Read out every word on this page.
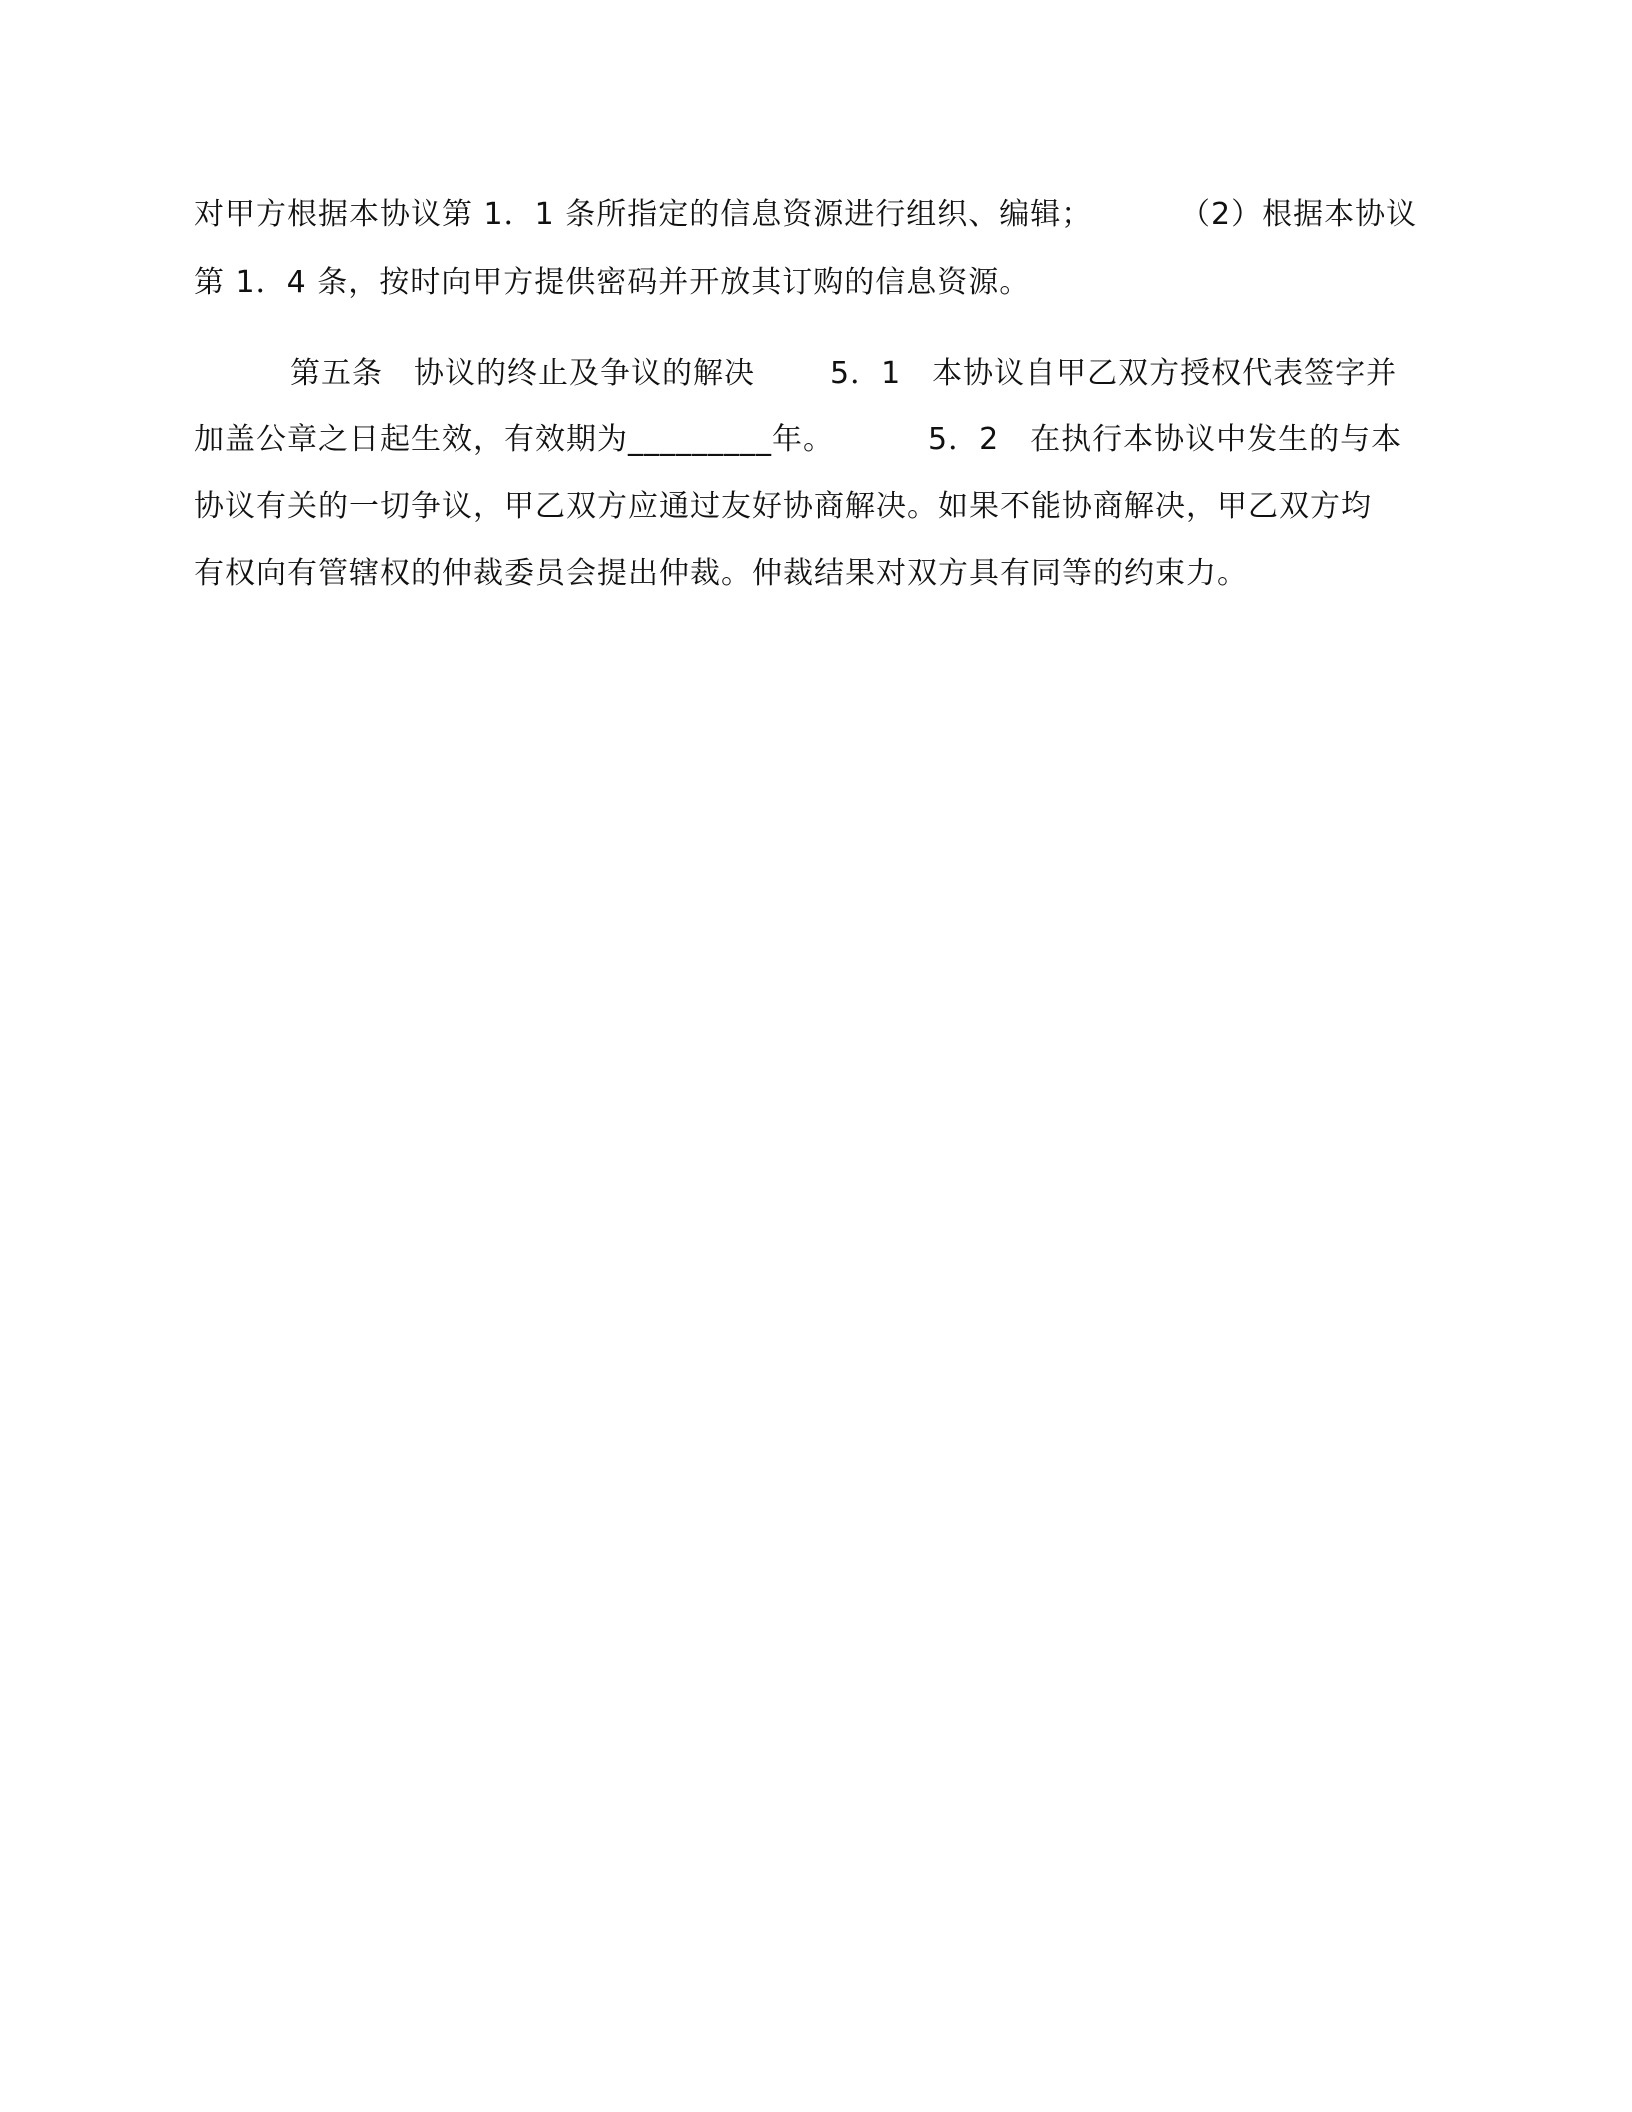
对甲方根据本协议第 1．1 条所指定的信息资源进行组织、编辑；	（2）根据本协议
第 1．4 条，按时向甲方提供密码并开放其订购的信息资源。
第五条　协议的终止及争议的解决	5．1　本协议自甲乙双方授权代表签字并
加盖公章之日起生效，有效期为_________年。	5．2　在执行本协议中发生的与本
协议有关的一切争议，甲乙双方应通过友好协商解决。如果不能协商解决，甲乙双方均
有权向有管辖权的仲裁委员会提出仲裁。仲裁结果对双方具有同等的约束力。
